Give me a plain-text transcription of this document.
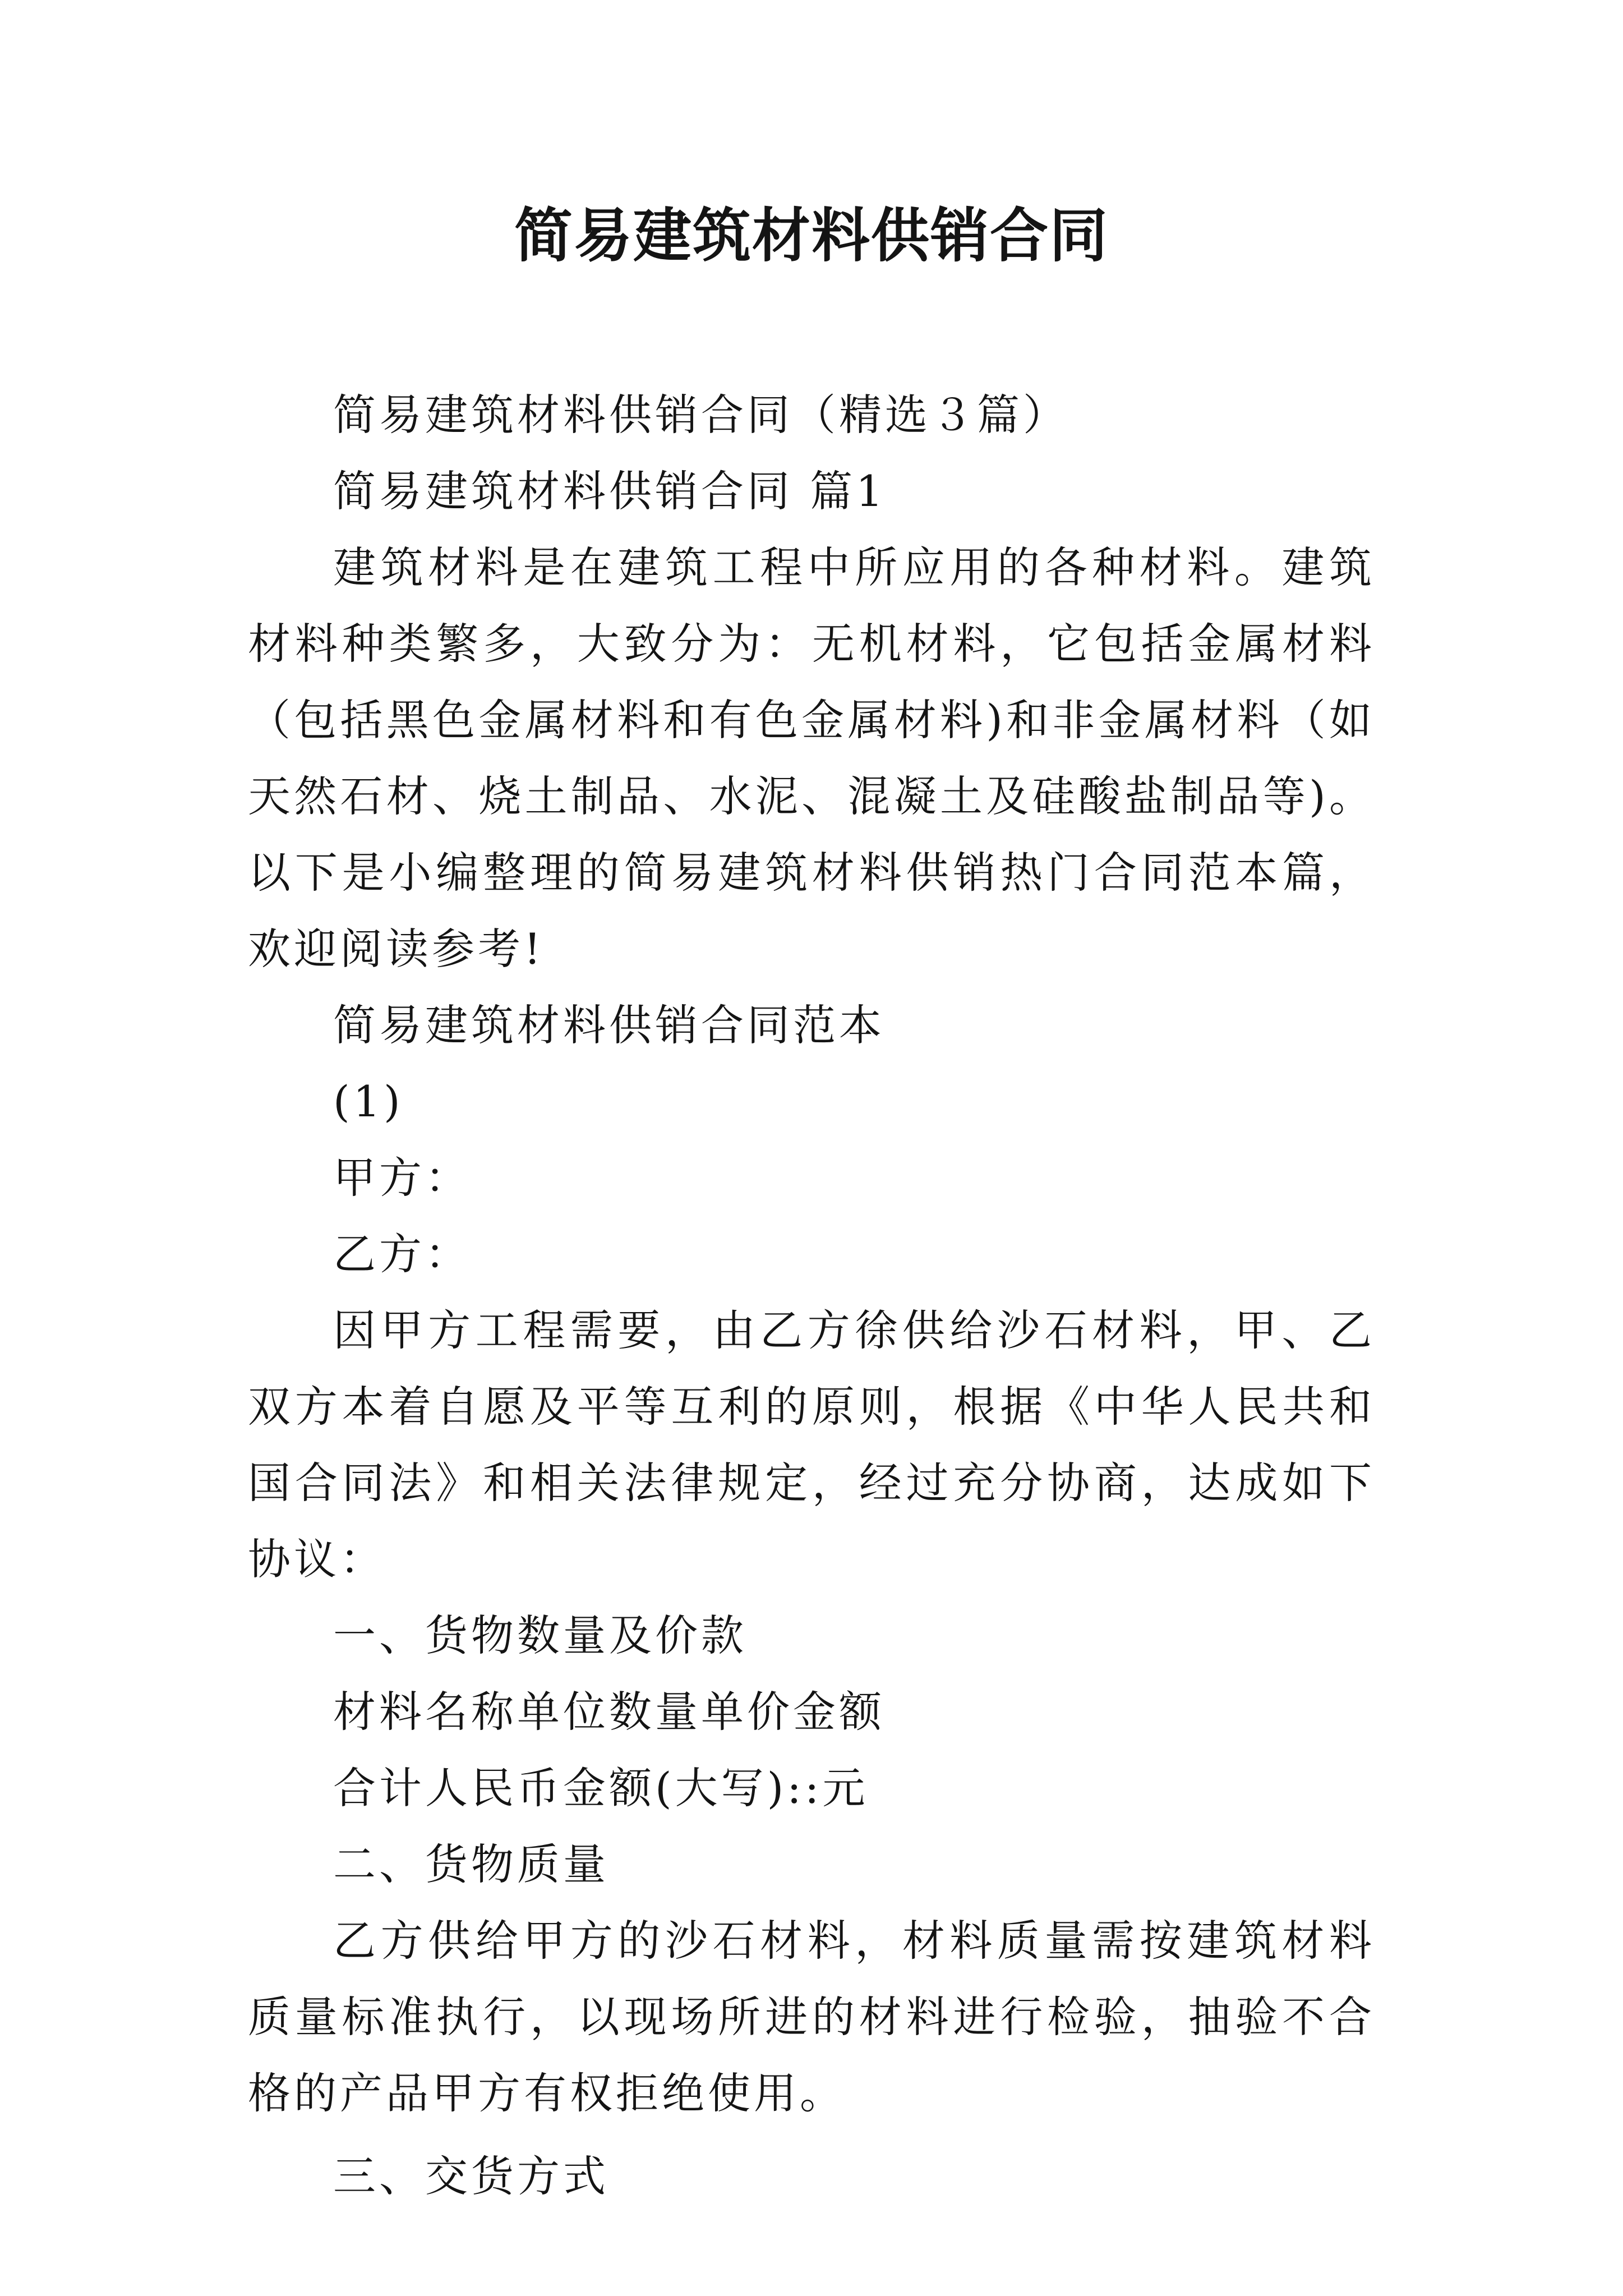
简易建筑材料供销合同

简易建筑材料供销合同（精选３篇）

简易建筑材料供销合同 篇1

建筑材料是在建筑工程中所应用的各种材料。建筑材料种类繁多，大致分为：无机材料，它包括金属材料（包括黑色金属材料和有色金属材料)和非金属材料（如天然石材、烧土制品、水泥、混凝土及硅酸盐制品等)。以下是小编整理的简易建筑材料供销热门合同范本篇，欢迎阅读参考!

简易建筑材料供销合同范本

(1)

甲方：

乙方：

因甲方工程需要，由乙方徐供给沙石材料，甲、乙双方本着自愿及平等互利的原则，根据《中华人民共和国合同法》和相关法律规定，经过充分协商，达成如下协议：

一、货物数量及价款

材料名称单位数量单价金额

合计人民币金额(大写)::元

二、货物质量

乙方供给甲方的沙石材料，材料质量需按建筑材料质量标准执行，以现场所进的材料进行检验，抽验不合格的产品甲方有权拒绝使用。

三、交货方式
